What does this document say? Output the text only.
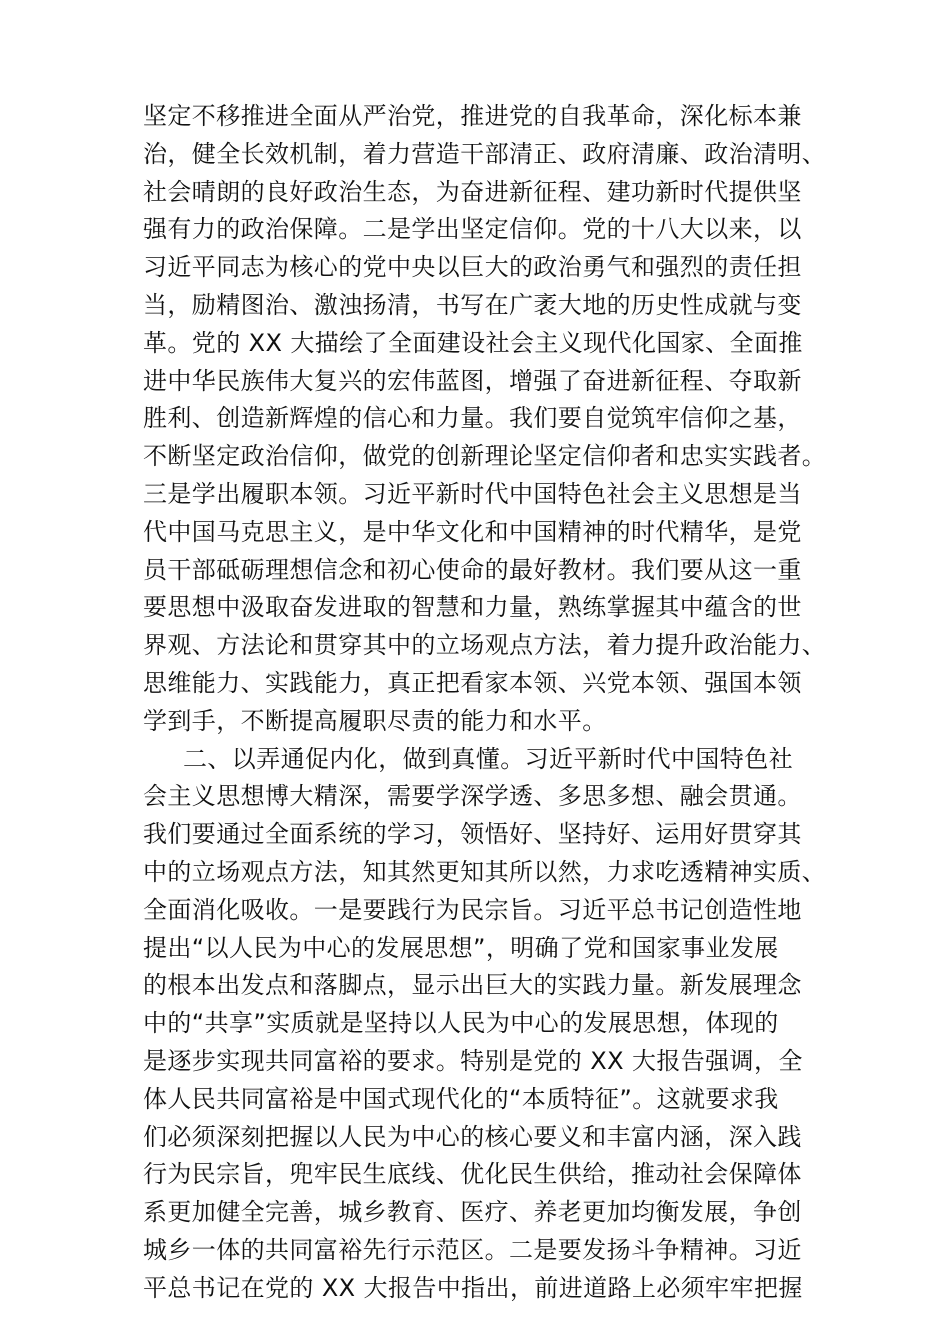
坚定不移推进全面从严治党，推进党的自我革命，深化标本兼
治，健全长效机制，着力营造干部清正、政府清廉、政治清明、
社会晴朗的良好政治生态，为奋进新征程、建功新时代提供坚
强有力的政治保障。二是学出坚定信仰。党的十八大以来，以
习近平同志为核心的党中央以巨大的政治勇气和强烈的责任担
当，励精图治、激浊扬清，书写在广袤大地的历史性成就与变
革。党的 XX 大描绘了全面建设社会主义现代化国家、全面推
进中华民族伟大复兴的宏伟蓝图，增强了奋进新征程、夺取新
胜利、创造新辉煌的信心和力量。我们要自觉筑牢信仰之基，
不断坚定政治信仰，做党的创新理论坚定信仰者和忠实实践者。
三是学出履职本领。习近平新时代中国特色社会主义思想是当
代中国马克思主义，是中华文化和中国精神的时代精华，是党
员干部砥砺理想信念和初心使命的最好教材。我们要从这一重
要思想中汲取奋发进取的智慧和力量，熟练掌握其中蕴含的世
界观、方法论和贯穿其中的立场观点方法，着力提升政治能力、
思维能力、实践能力，真正把看家本领、兴党本领、强国本领
学到手，不断提高履职尽责的能力和水平。
二、以弄通促内化，做到真懂。习近平新时代中国特色社
会主义思想博大精深，需要学深学透、多思多想、融会贯通。
我们要通过全面系统的学习，领悟好、坚持好、运用好贯穿其
中的立场观点方法，知其然更知其所以然，力求吃透精神实质、
全面消化吸收。一是要践行为民宗旨。习近平总书记创造性地
提出“以人民为中心的发展思想”，明确了党和国家事业发展
的根本出发点和落脚点，显示出巨大的实践力量。新发展理念
中的“共享”实质就是坚持以人民为中心的发展思想，体现的
是逐步实现共同富裕的要求。特别是党的 XX 大报告强调，全
体人民共同富裕是中国式现代化的“本质特征”。这就要求我
们必须深刻把握以人民为中心的核心要义和丰富内涵，深入践
行为民宗旨，兜牢民生底线、优化民生供给，推动社会保障体
系更加健全完善，城乡教育、医疗、养老更加均衡发展，争创
城乡一体的共同富裕先行示范区。二是要发扬斗争精神。习近
平总书记在党的 XX 大报告中指出，前进道路上必须牢牢把握
